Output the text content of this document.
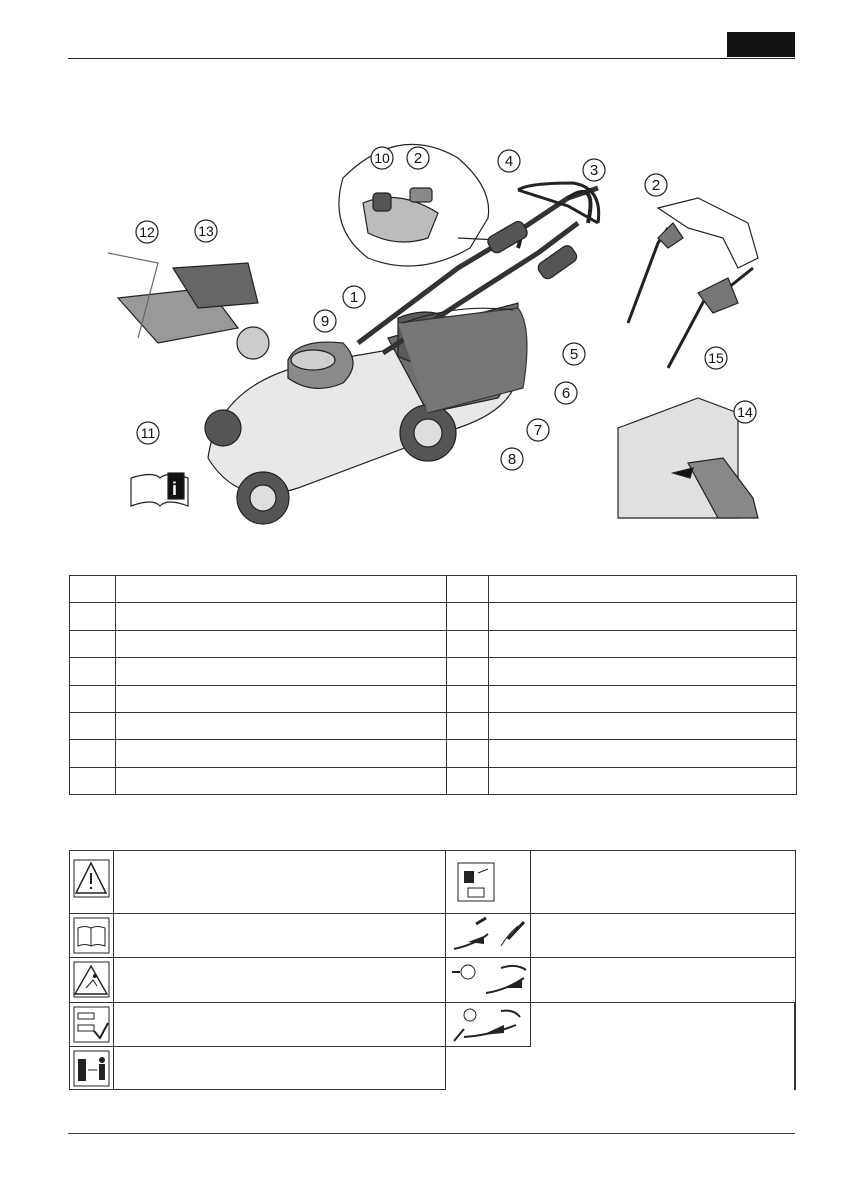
i
1
2
3
4
5
6
7
8
9
10
2
11
12	13
14
15
